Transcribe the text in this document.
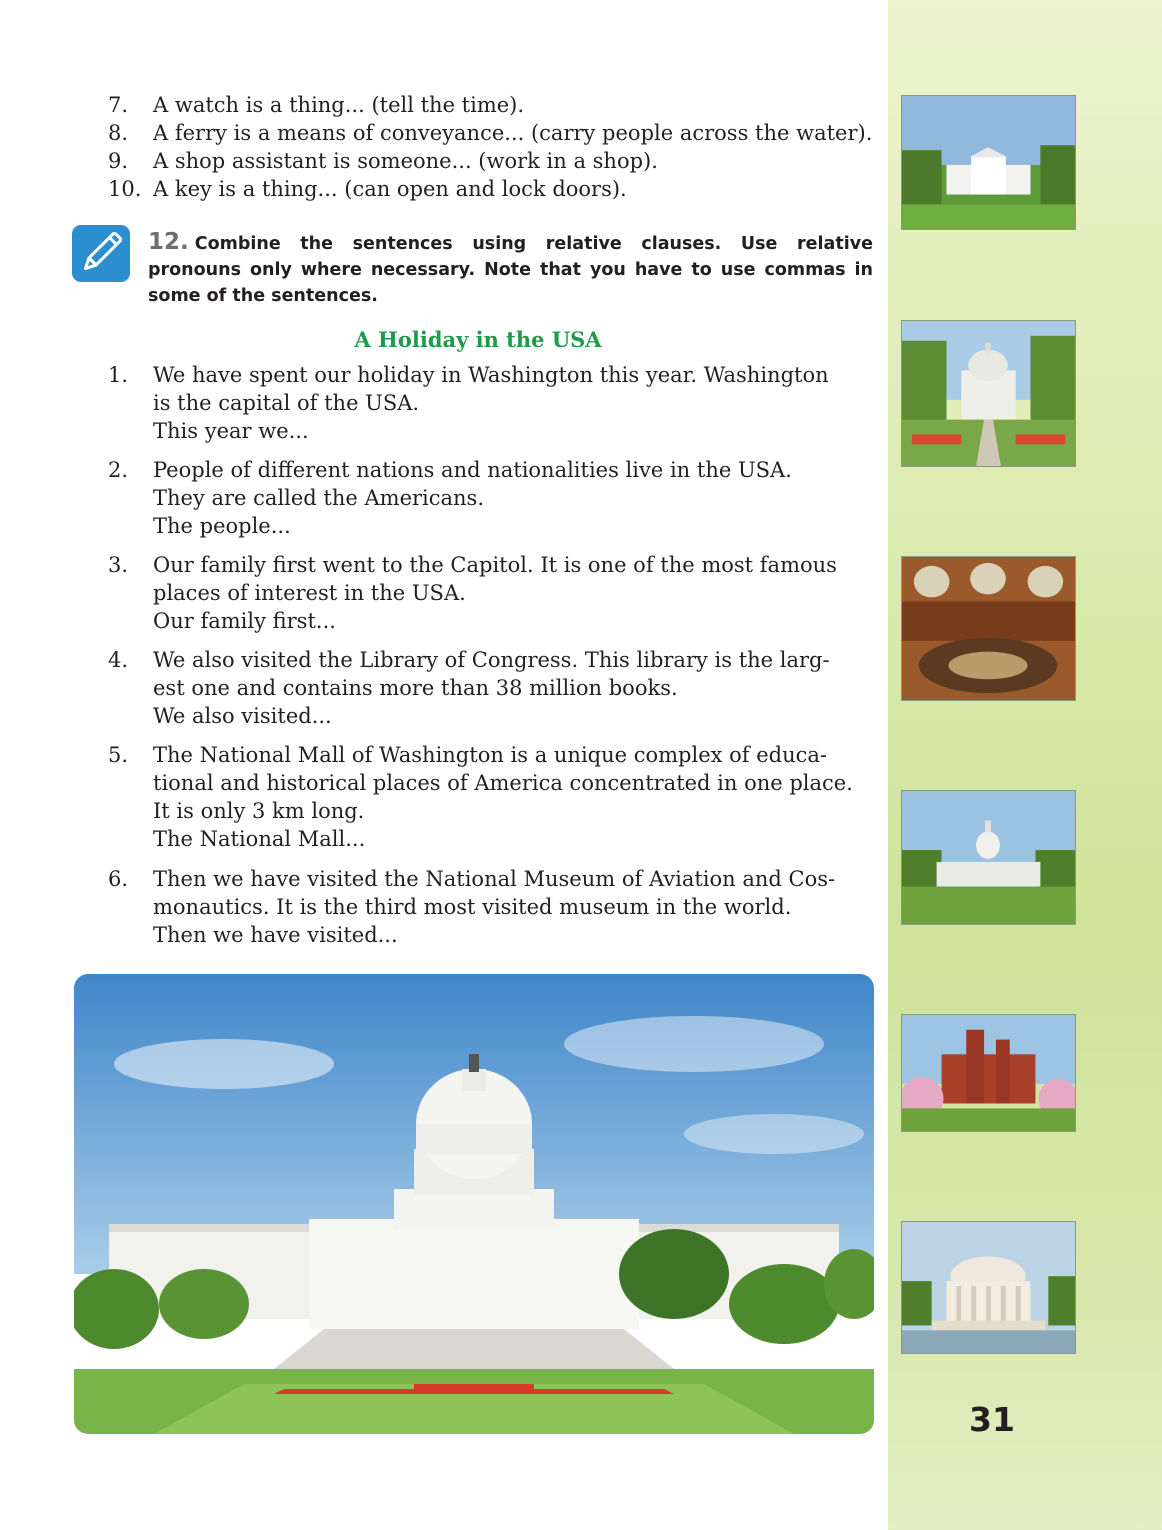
31
7.	A watch is a thing... (tell the time).
8.	A ferry is a means of conveyance... (carry people across the water).
9.	A shop assistant is someone... (work in a shop).
10. A key is a thing... (can open and lock doors).
12. Combine the sentences using relative clauses. Use relative pronouns only where necessary. Note that you have to use commas in some of the sentences.
A Holiday in the USA
1.	We have spent our holiday in Washington this year. Washington
is the capital of the USA.
This year we...
2.	People of different nations and nationalities live in the USA.
They are called the Americans.
The people...
3.	Our family first went to the Capitol. It is one of the most famous
places of interest in the USA.
Our family first...
4.	We also visited the Library of Congress. This library is the larg-
est one and contains more than 38 million books.
We also visited...
5.	The National Mall of Washington is a unique complex of educa-
tional and historical places of America concentrated in one place.
It is only 3 km long.
The National Mall...
6.	Then we have visited the National Museum of Aviation and Cos-
monautics. It is the third most visited museum in the world.
Then we have visited...
